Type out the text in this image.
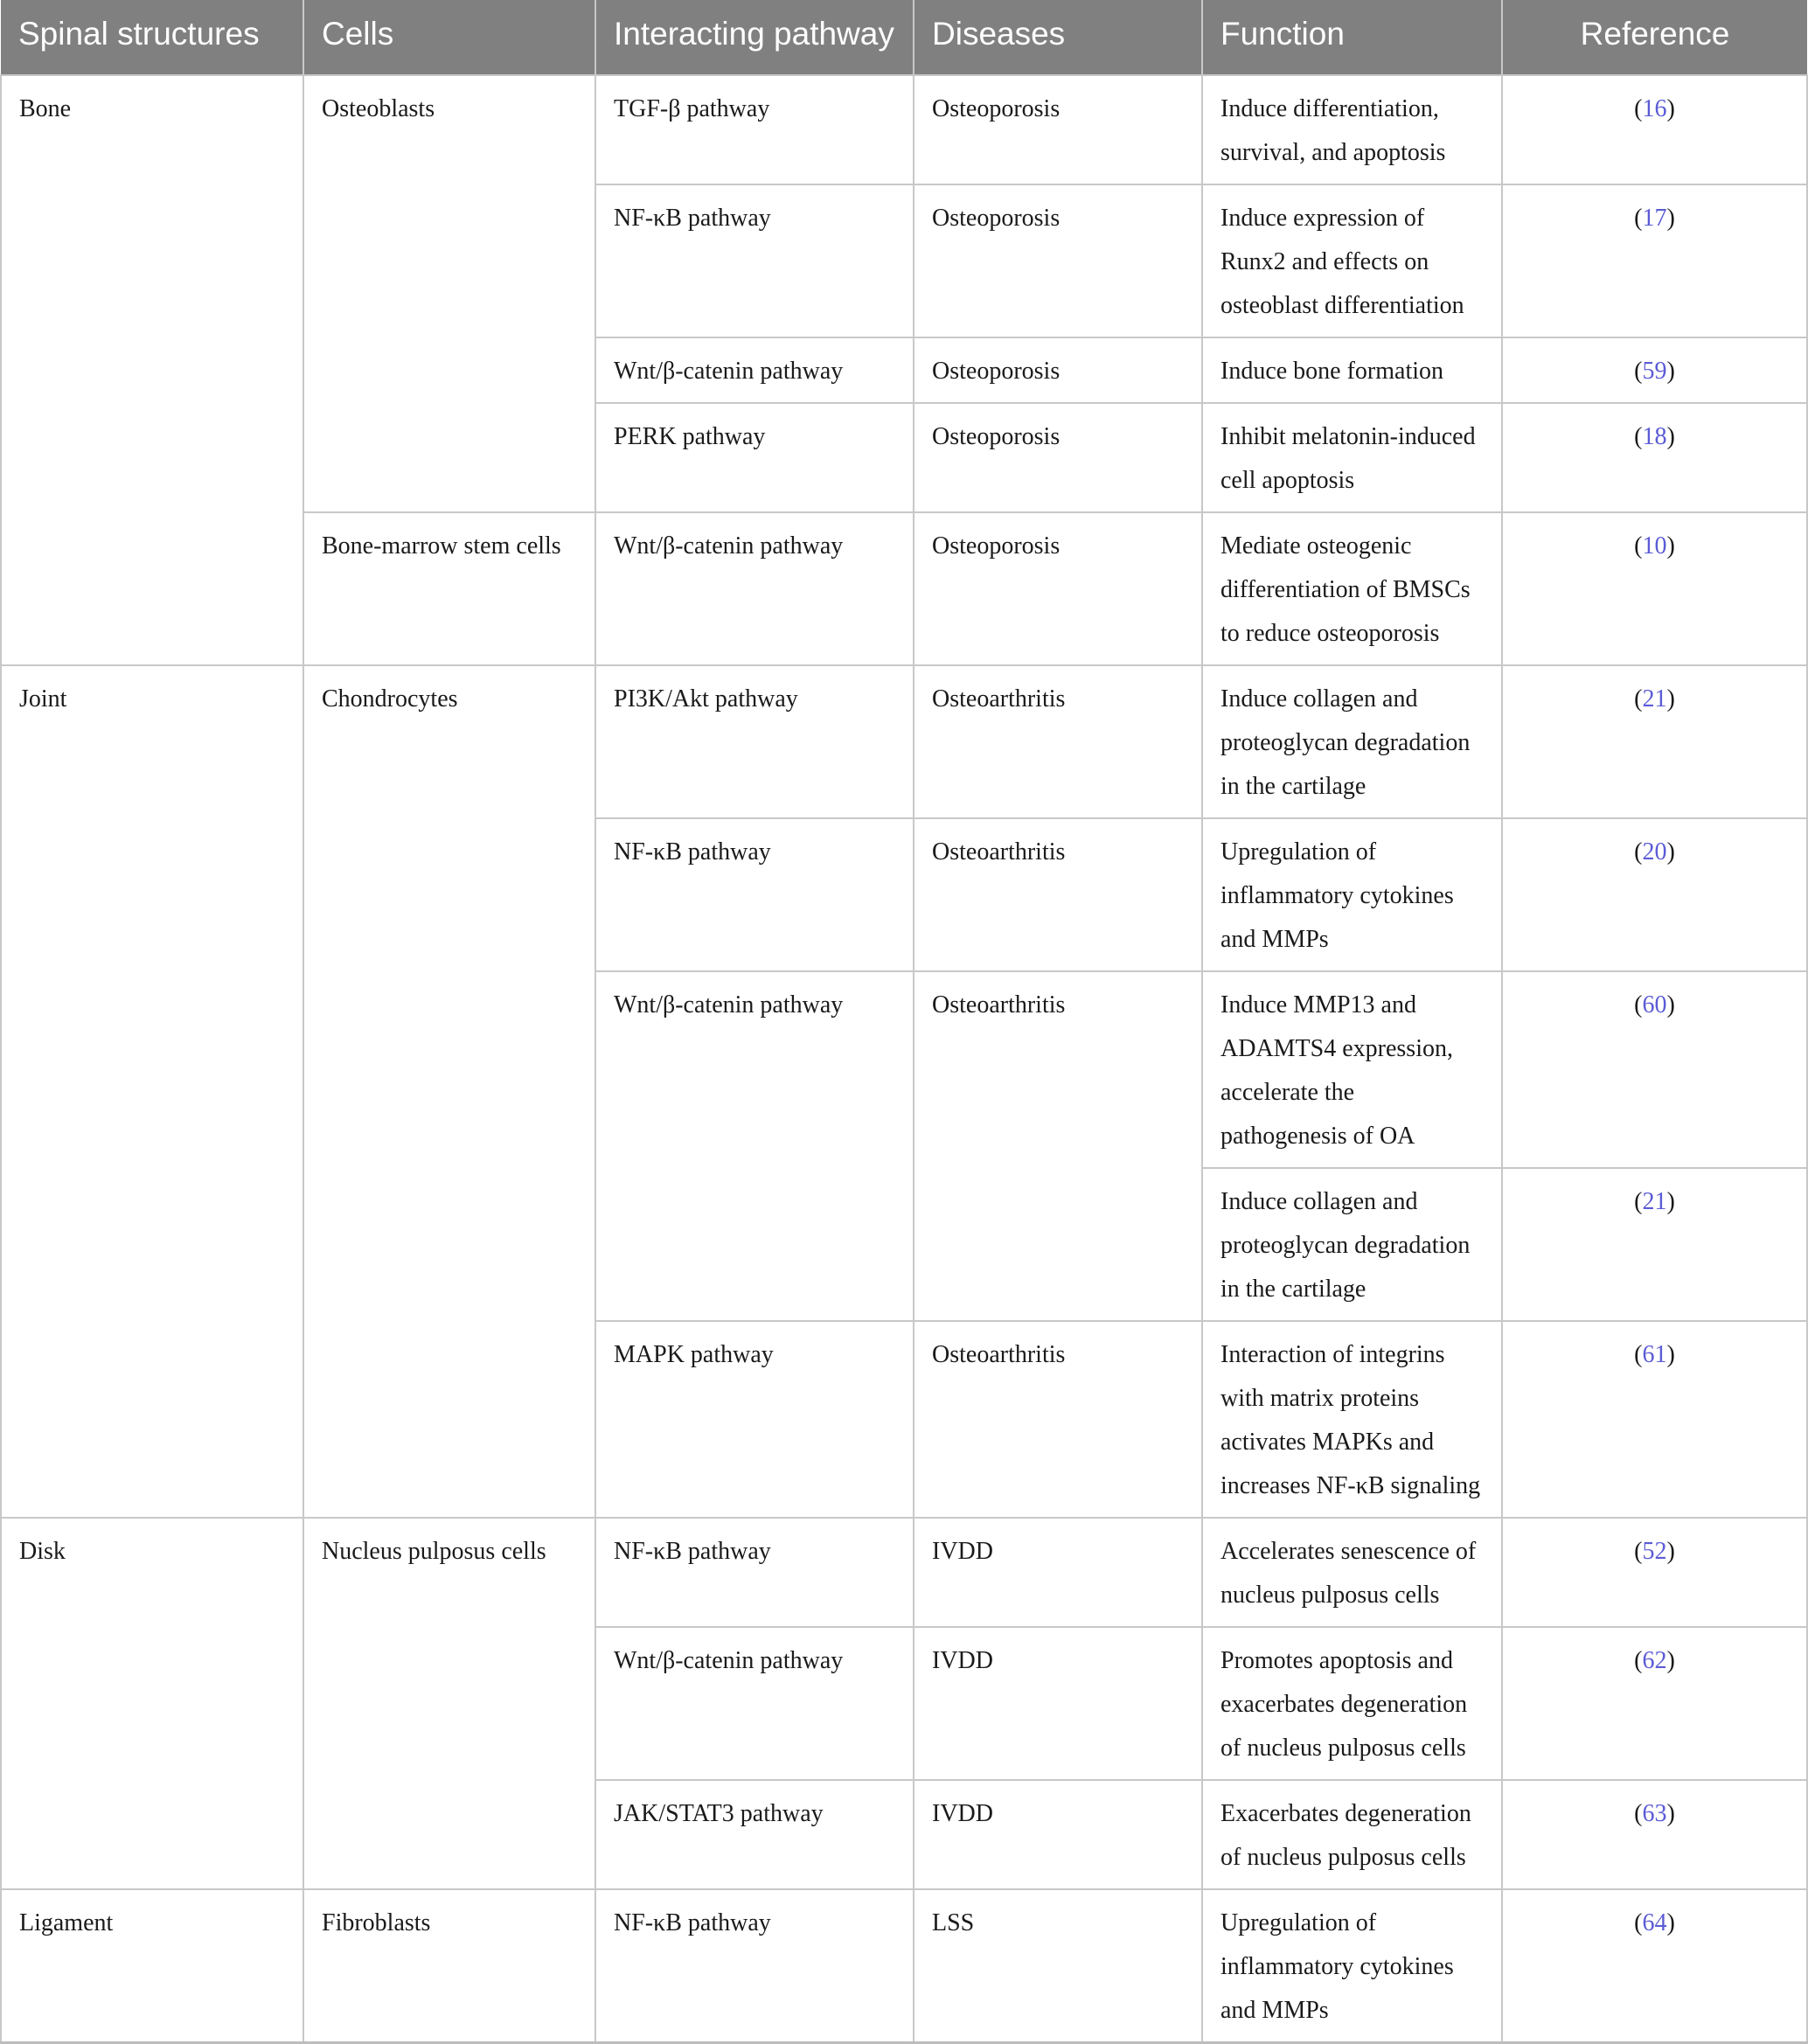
Spinal structures	Cells	Interacting pathway	Diseases	Function	Reference
Bone	Osteoblasts	TGF-β pathway	Osteoporosis	Induce differentiation, survival, and apoptosis	(16)
		NF-κB pathway	Osteoporosis	Induce expression of Runx2 and effects on osteoblast differentiation	(17)
		Wnt/β-catenin pathway	Osteoporosis	Induce bone formation	(59)
		PERK pathway	Osteoporosis	Inhibit melatonin-induced cell apoptosis	(18)
	Bone-marrow stem cells	Wnt/β-catenin pathway	Osteoporosis	Mediate osteogenic differentiation of BMSCs to reduce osteoporosis	(10)
Joint	Chondrocytes	PI3K/Akt pathway	Osteoarthritis	Induce collagen and proteoglycan degradation in the cartilage	(21)
		NF-κB pathway	Osteoarthritis	Upregulation of inflammatory cytokines and MMPs	(20)
		Wnt/β-catenin pathway	Osteoarthritis	Induce MMP13 and ADAMTS4 expression, accelerate the pathogenesis of OA	(60)
				Induce collagen and proteoglycan degradation in the cartilage	(21)
		MAPK pathway	Osteoarthritis	Interaction of integrins with matrix proteins activates MAPKs and increases NF-κB signaling	(61)
Disk	Nucleus pulposus cells	NF-κB pathway	IVDD	Accelerates senescence of nucleus pulposus cells	(52)
		Wnt/β-catenin pathway	IVDD	Promotes apoptosis and exacerbates degeneration of nucleus pulposus cells	(62)
		JAK/STAT3 pathway	IVDD	Exacerbates degeneration of nucleus pulposus cells	(63)
Ligament	Fibroblasts	NF-κB pathway	LSS	Upregulation of inflammatory cytokines and MMPs	(64)
